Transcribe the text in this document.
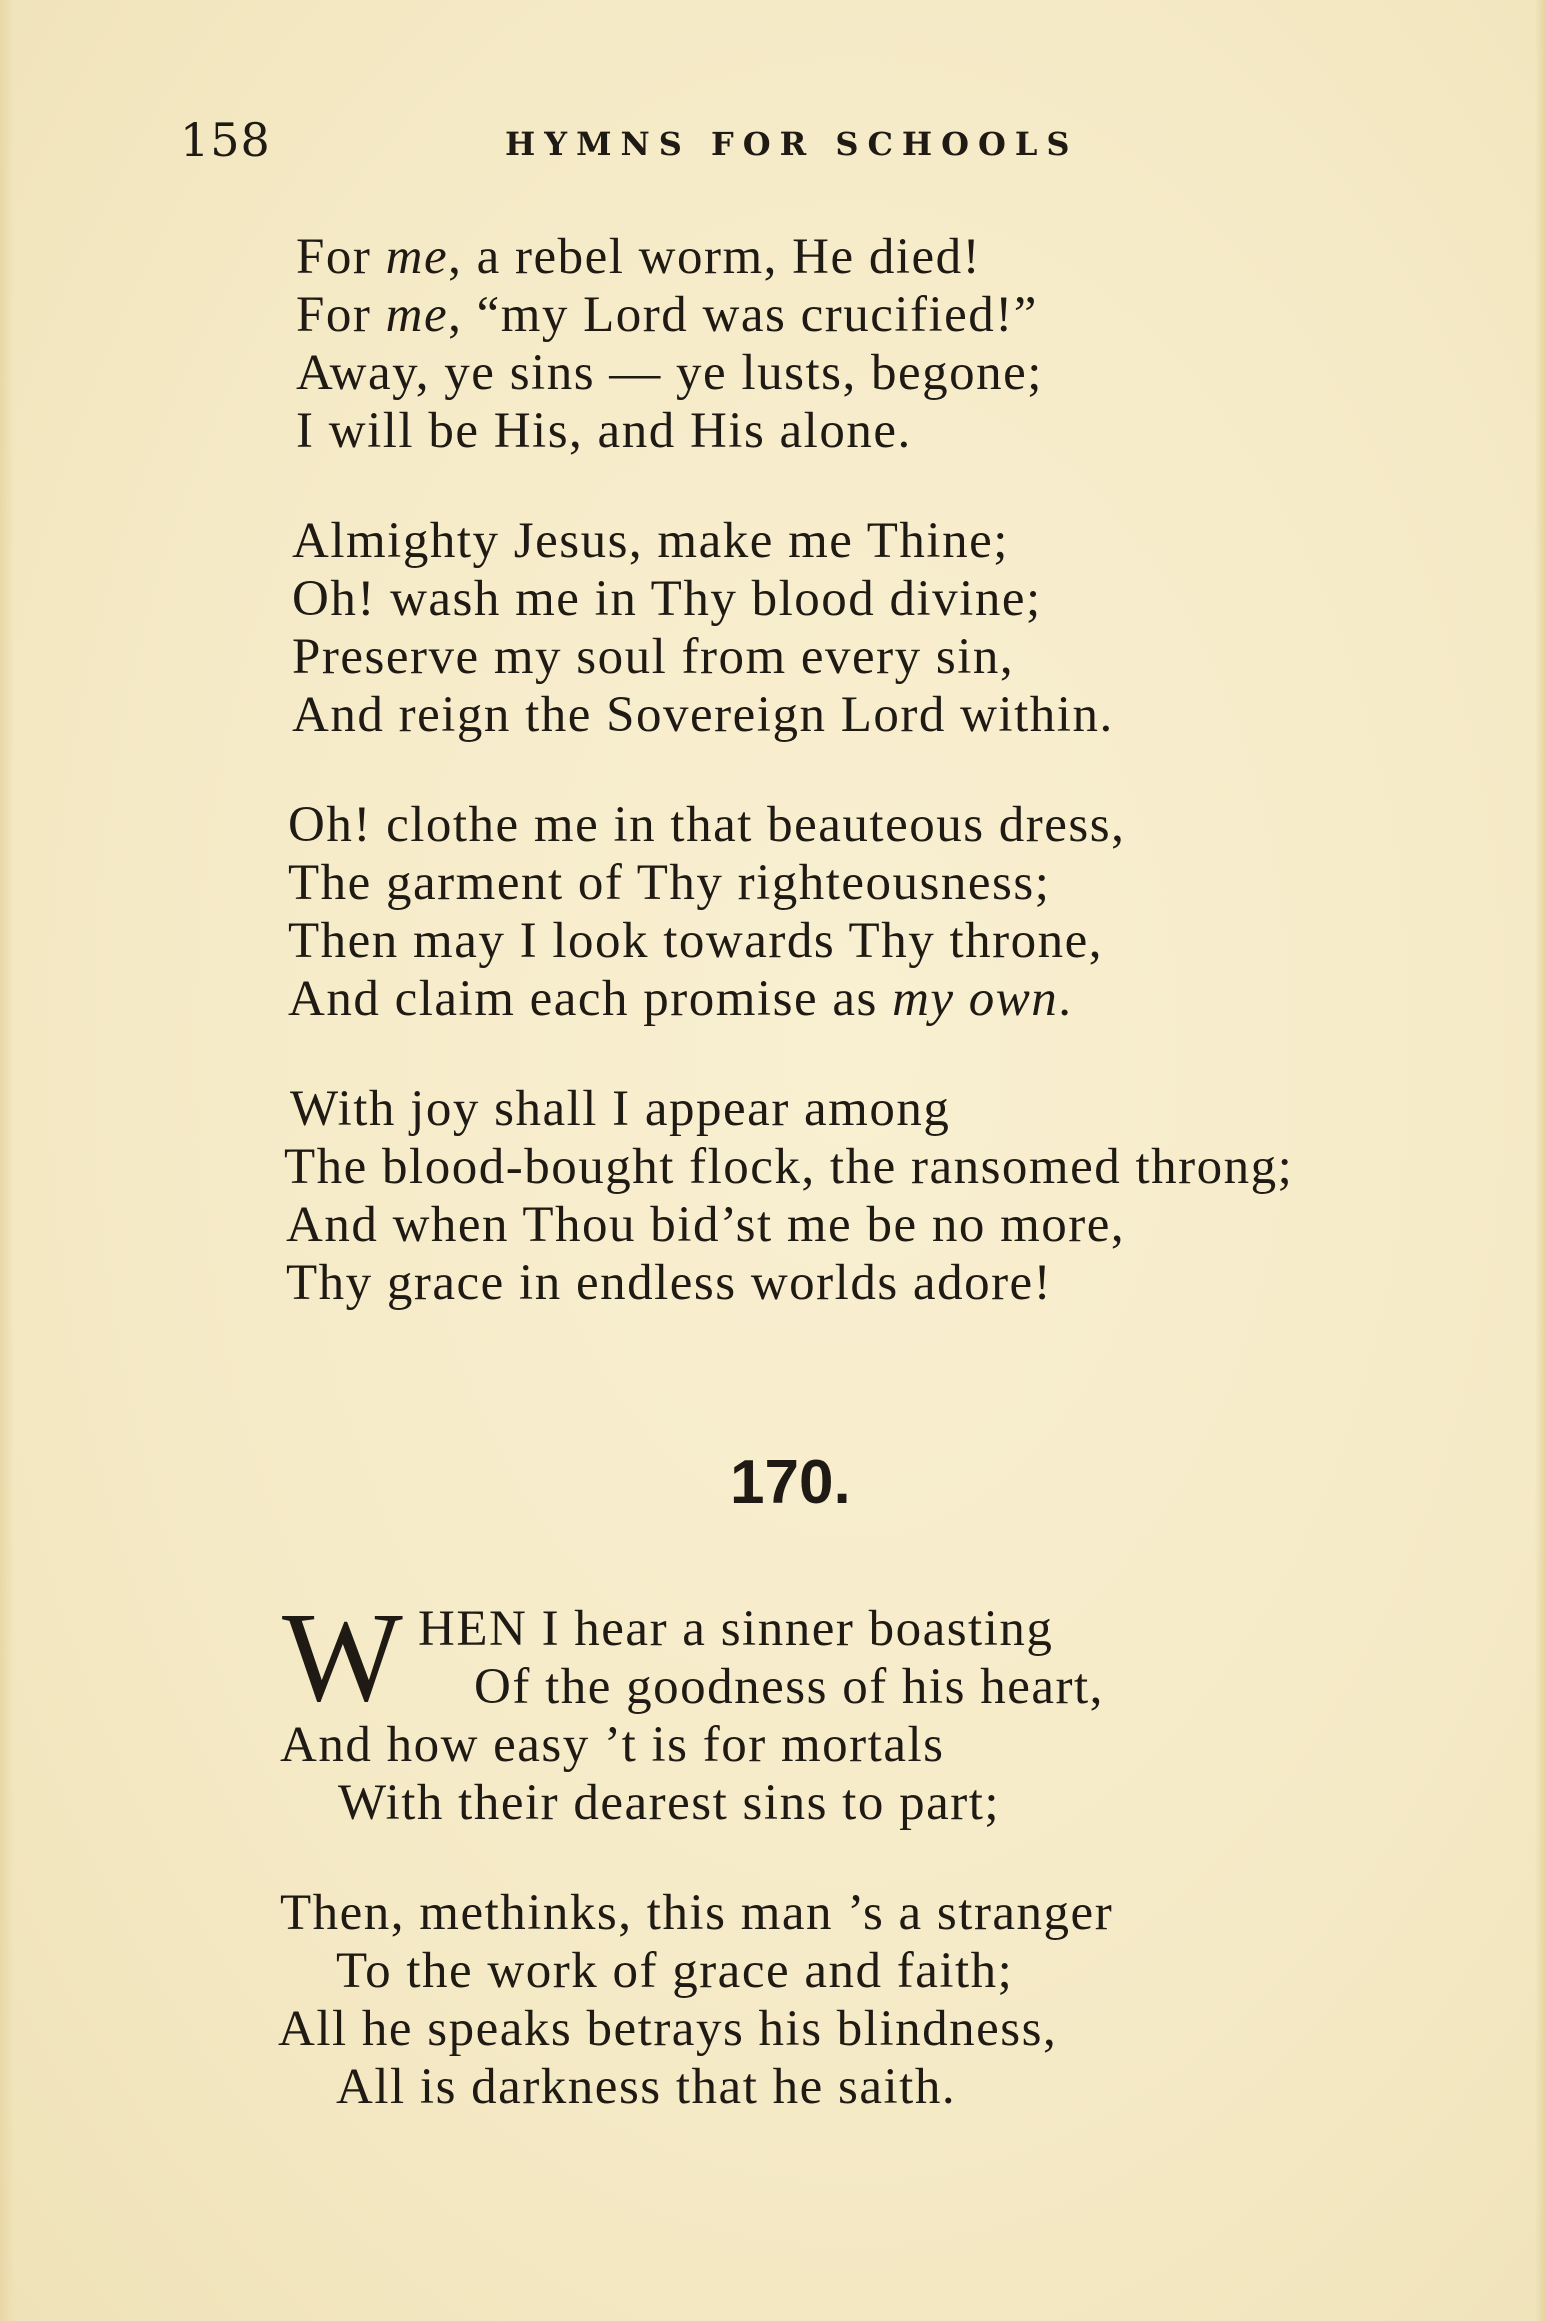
158	HYMNS FOR SCHOOLS
For me, a rebel worm, He died!
For me, “my Lord was crucified!”
Away, ye sins — ye lusts, begone;
I will be His, and His alone.
Almighty Jesus, make me Thine;
Oh! wash me in Thy blood divine;
Preserve my soul from every sin,
And reign the Sovereign Lord within.
Oh! clothe me in that beauteous dress,
The garment of Thy righteousness;
Then may I look towards Thy throne,
And claim each promise as my own.
With joy shall I appear among
The blood-bought flock, the ransomed throng;
And when Thou bid’st me be no more,
Thy grace in endless worlds adore!
170.
W HEN I hear a sinner boasting
Of the goodness of his heart,
And how easy ’t is for mortals
With their dearest sins to part;
Then, methinks, this man ’s a stranger
To the work of grace and faith;
All he speaks betrays his blindness,
All is darkness that he saith.
